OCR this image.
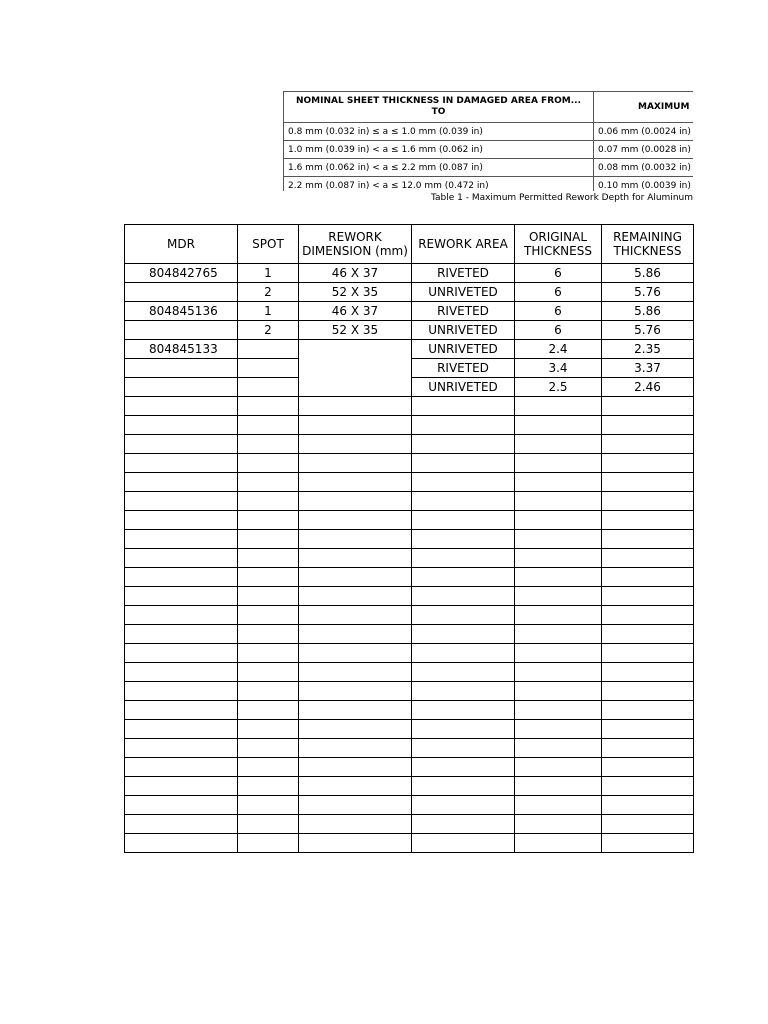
NOMINAL SHEET THICKNESS IN DAMAGED AREA FROM... TO	MAXIMUM
0.8 mm (0.032 in) ≤ a ≤ 1.0 mm (0.039 in)	0.06 mm (0.0024 in)
1.0 mm (0.039 in) < a ≤ 1.6 mm (0.062 in)	0.07 mm (0.0028 in)
1.6 mm (0.062 in) < a ≤ 2.2 mm (0.087 in)	0.08 mm (0.0032 in)
2.2 mm (0.087 in) < a ≤ 12.0 mm (0.472 in)	0.10 mm (0.0039 in)
Table 1 - Maximum Permitted Rework Depth for Aluminum
MDR	SPOT	REWORK DIMENSION (mm)	REWORK AREA	ORIGINAL THICKNESS	REMAINING THICKNESS
804842765	1	46 X 37	RIVETED	6	5.86
	2	52 X 35	UNRIVETED	6	5.76
804845136	1	46 X 37	RIVETED	6	5.86
	2	52 X 35	UNRIVETED	6	5.76
804845133			UNRIVETED	2.4	2.35
			RIVETED	3.4	3.37
			UNRIVETED	2.5	2.46
